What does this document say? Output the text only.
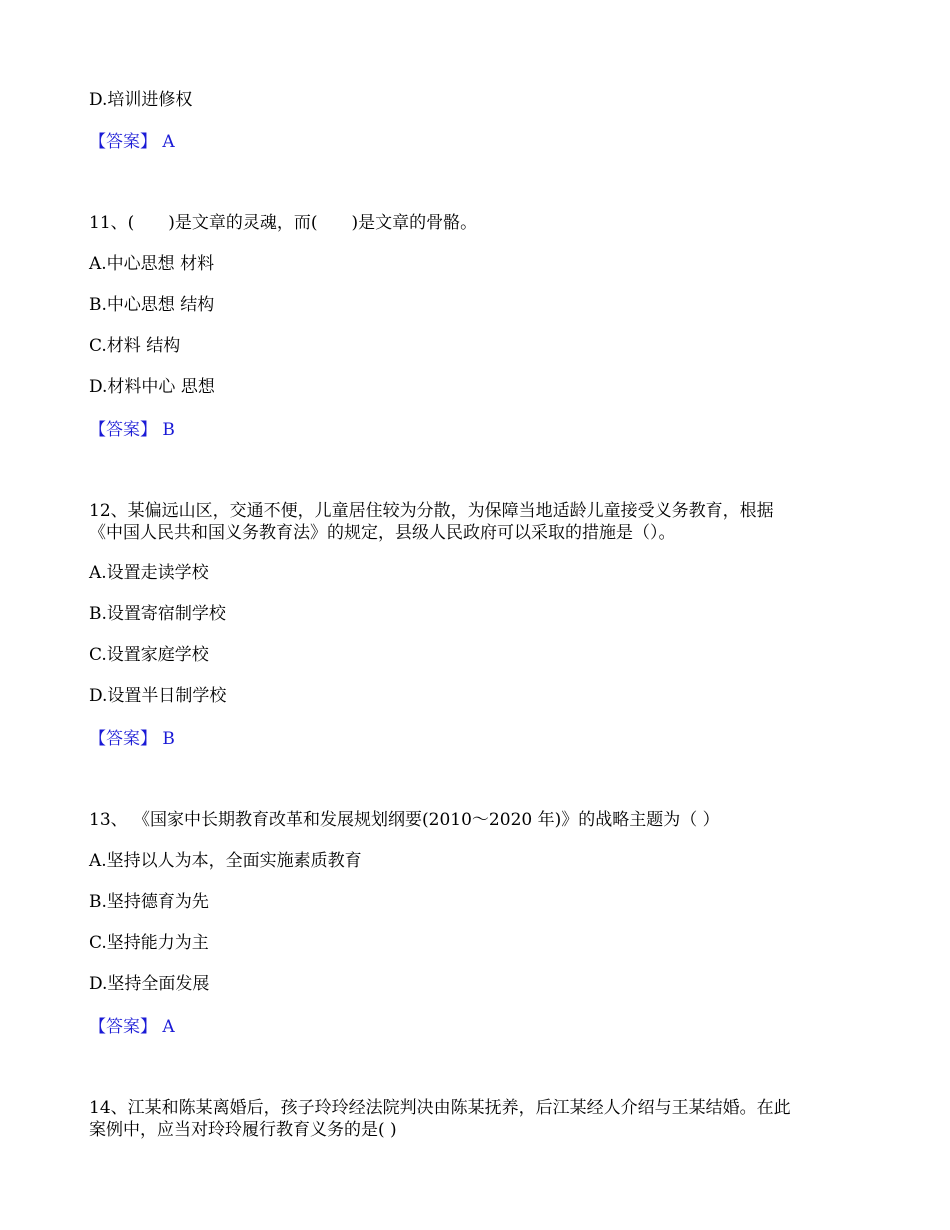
D.培训进修权
【答案】 A
11、(　　)是文章的灵魂，而(　　)是文章的骨骼。
A.中心思想 材料
B.中心思想 结构
C.材料 结构
D.材料中心 思想
【答案】 B
12、某偏远山区，交通不便，儿童居住较为分散，为保障当地适龄儿童接受义务教育，根据
《中国人民共和国义务教育法》的规定，县级人民政府可以采取的措施是（）。
A.设置走读学校
B.设置寄宿制学校
C.设置家庭学校
D.设置半日制学校
【答案】 B
13、 《国家中长期教育改革和发展规划纲要(2010～2020 年)》的战略主题为（ ）
A.坚持以人为本，全面实施素质教育
B.坚持德育为先
C.坚持能力为主
D.坚持全面发展
【答案】 A
14、江某和陈某离婚后，孩子玲玲经法院判决由陈某抚养，后江某经人介绍与王某结婚。在此
案例中，应当对玲玲履行教育义务的是( )
